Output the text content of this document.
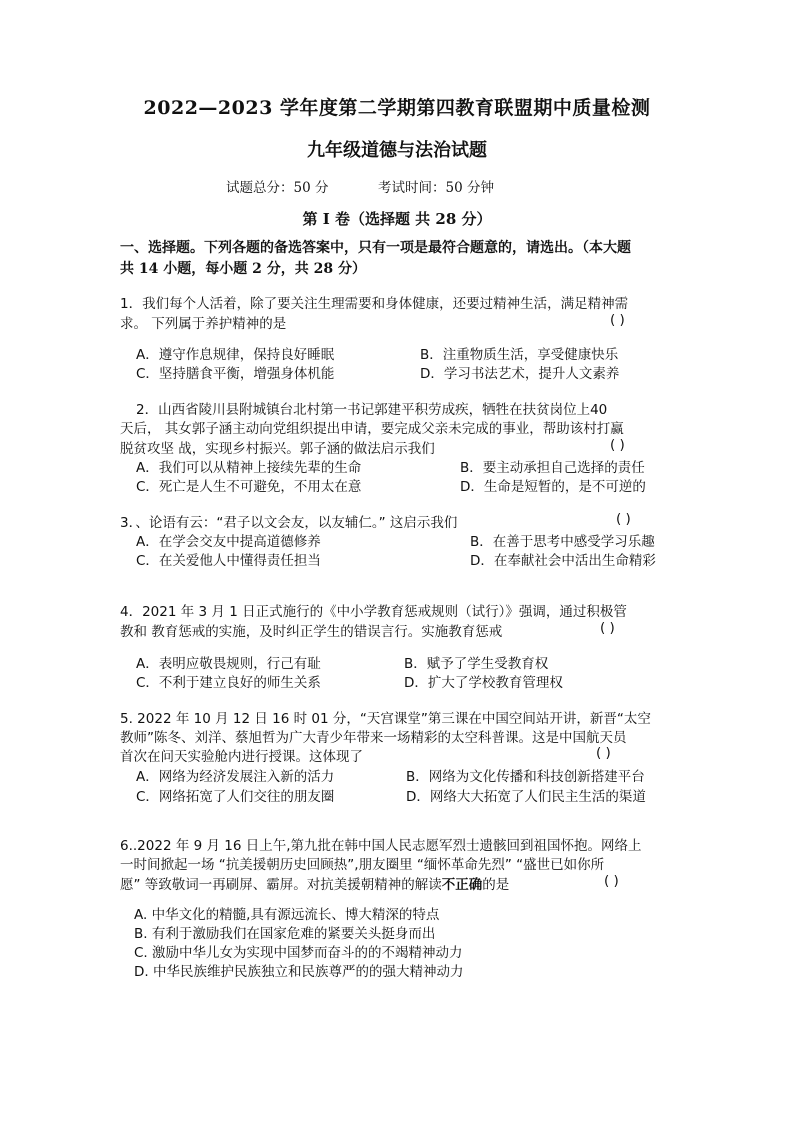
2022—2023 学年度第二学期第四教育联盟期中质量检测
九年级道德与法治试题
试题总分：50 分	考试时间：50 分钟
第 I 卷（选择题 共 28 分）
一、选择题。下列各题的备选答案中，只有一项是最符合题意的，请选出。（本大题
共 14 小题，每小题 2 分，共 28 分）
1．我们每个人活着，除了要关注生理需要和身体健康，还要过精神生活，满足精神需
求。 下列属于养护精神的是	( )
A．遵守作息规律，保持良好睡眠	B．注重物质生活，享受健康快乐
C．坚持膳食平衡，增强身体机能	D．学习书法艺术，提升人文素养
2．山西省陵川县附城镇台北村第一书记郭建平积劳成疾，牺牲在扶贫岗位上40
天后， 其女郭子涵主动向党组织提出申请，要完成父亲未完成的事业，帮助该村打赢
脱贫攻坚 战，实现乡村振兴。郭子涵的做法启示我们	( )
A．我们可以从精神上接续先辈的生命	B．要主动承担自己选择的责任
C．死亡是人生不可避免，不用太在意	D．生命是短暂的，是不可逆的
3．、论语有云：“君子以文会友，以友辅仁。” 这启示我们	( )
A．在学会交友中提高道德修养	B．在善于思考中感受学习乐趣
C．在关爱他人中懂得责任担当	D．在奉献社会中活出生命精彩
4．2021 年 3 月 1 日正式施行的《中小学教育惩戒规则（试行）》强调，通过积极管
教和 教育惩戒的实施，及时纠正学生的错误言行。实施教育惩戒	( )
A．表明应敬畏规则，行己有耻	B．赋予了学生受教育权
C．不利于建立良好的师生关系	D．扩大了学校教育管理权
5. 2022 年 10 月 12 日 16 时 01 分，“天宫课堂”第三课在中国空间站开讲，新晋“太空
教师”陈冬、刘洋、蔡旭哲为广大青少年带来一场精彩的太空科普课。这是中国航天员
首次在问天实验舱内进行授课。这体现了	( )
A．网络为经济发展注入新的活力	B．网络为文化传播和科技创新搭建平台
C．网络拓宽了人们交往的朋友圈	D．网络大大拓宽了人们民主生活的渠道
6..2022 年 9 月 16 日上午,第九批在韩中国人民志愿军烈士遗骸回到祖国怀抱。网络上
一时间掀起一场 “抗美援朝历史回顾热”,朋友圈里 “缅怀革命先烈” “盛世已如你所
愿” 等致敬词一再刷屏、霸屏。对抗美援朝精神的解读不正确的是	( )
A. 中华文化的精髓,具有源远流长、博大精深的特点
B. 有利于激励我们在国家危难的紧要关头挺身而出
C. 激励中华儿女为实现中国梦而奋斗的的不竭精神动力
D. 中华民族维护民族独立和民族尊严的的强大精神动力
